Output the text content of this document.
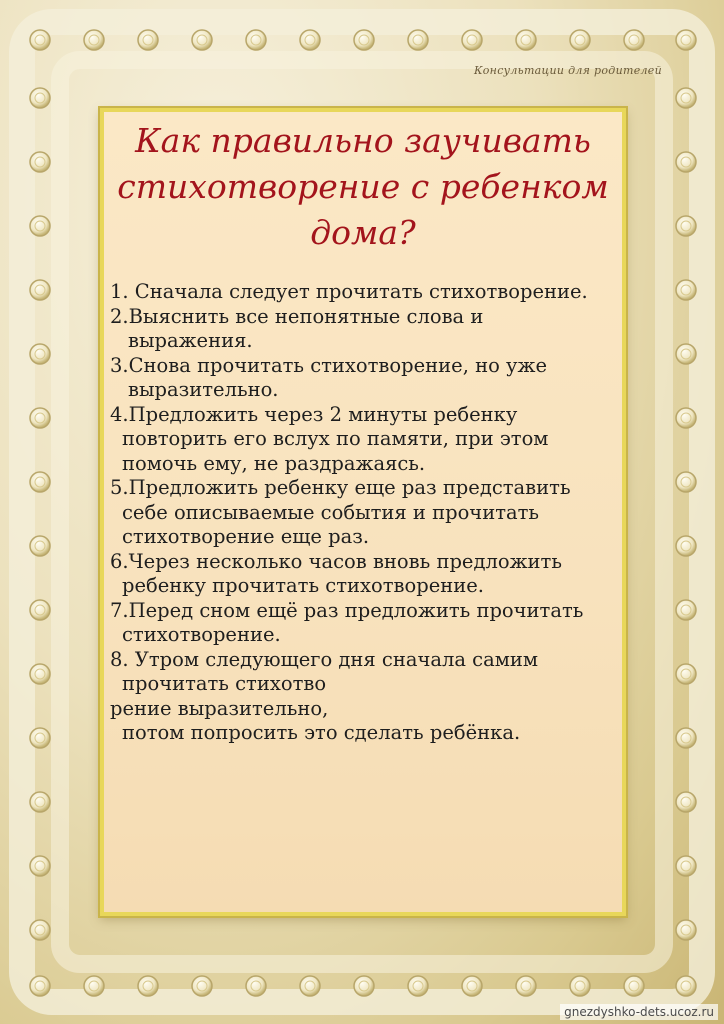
Консультации для родителей
Как правильно заучивать
стихотворение с ребенком
дома?
1. Сначала следует прочитать стихотворение.
2.Выяснить все непонятные слова и
выражения.
3.Снова прочитать стихотворение, но уже
выразительно.
4.Предложить через 2 минуты ребенку
повторить его вслух по памяти, при этом
помочь ему, не раздражаясь.
5.Предложить ребенку еще раз представить
себе описываемые события и прочитать
стихотворение еще раз.
6.Через несколько часов вновь предложить
ребенку прочитать стихотворение.
7.Перед сном ещё раз предложить прочитать
стихотворение.
8. Утром следующего дня сначала самим
прочитать стихотво
рение выразительно,
потом попросить это сделать ребёнка.
gnezdyshko-dets.ucoz.ru
